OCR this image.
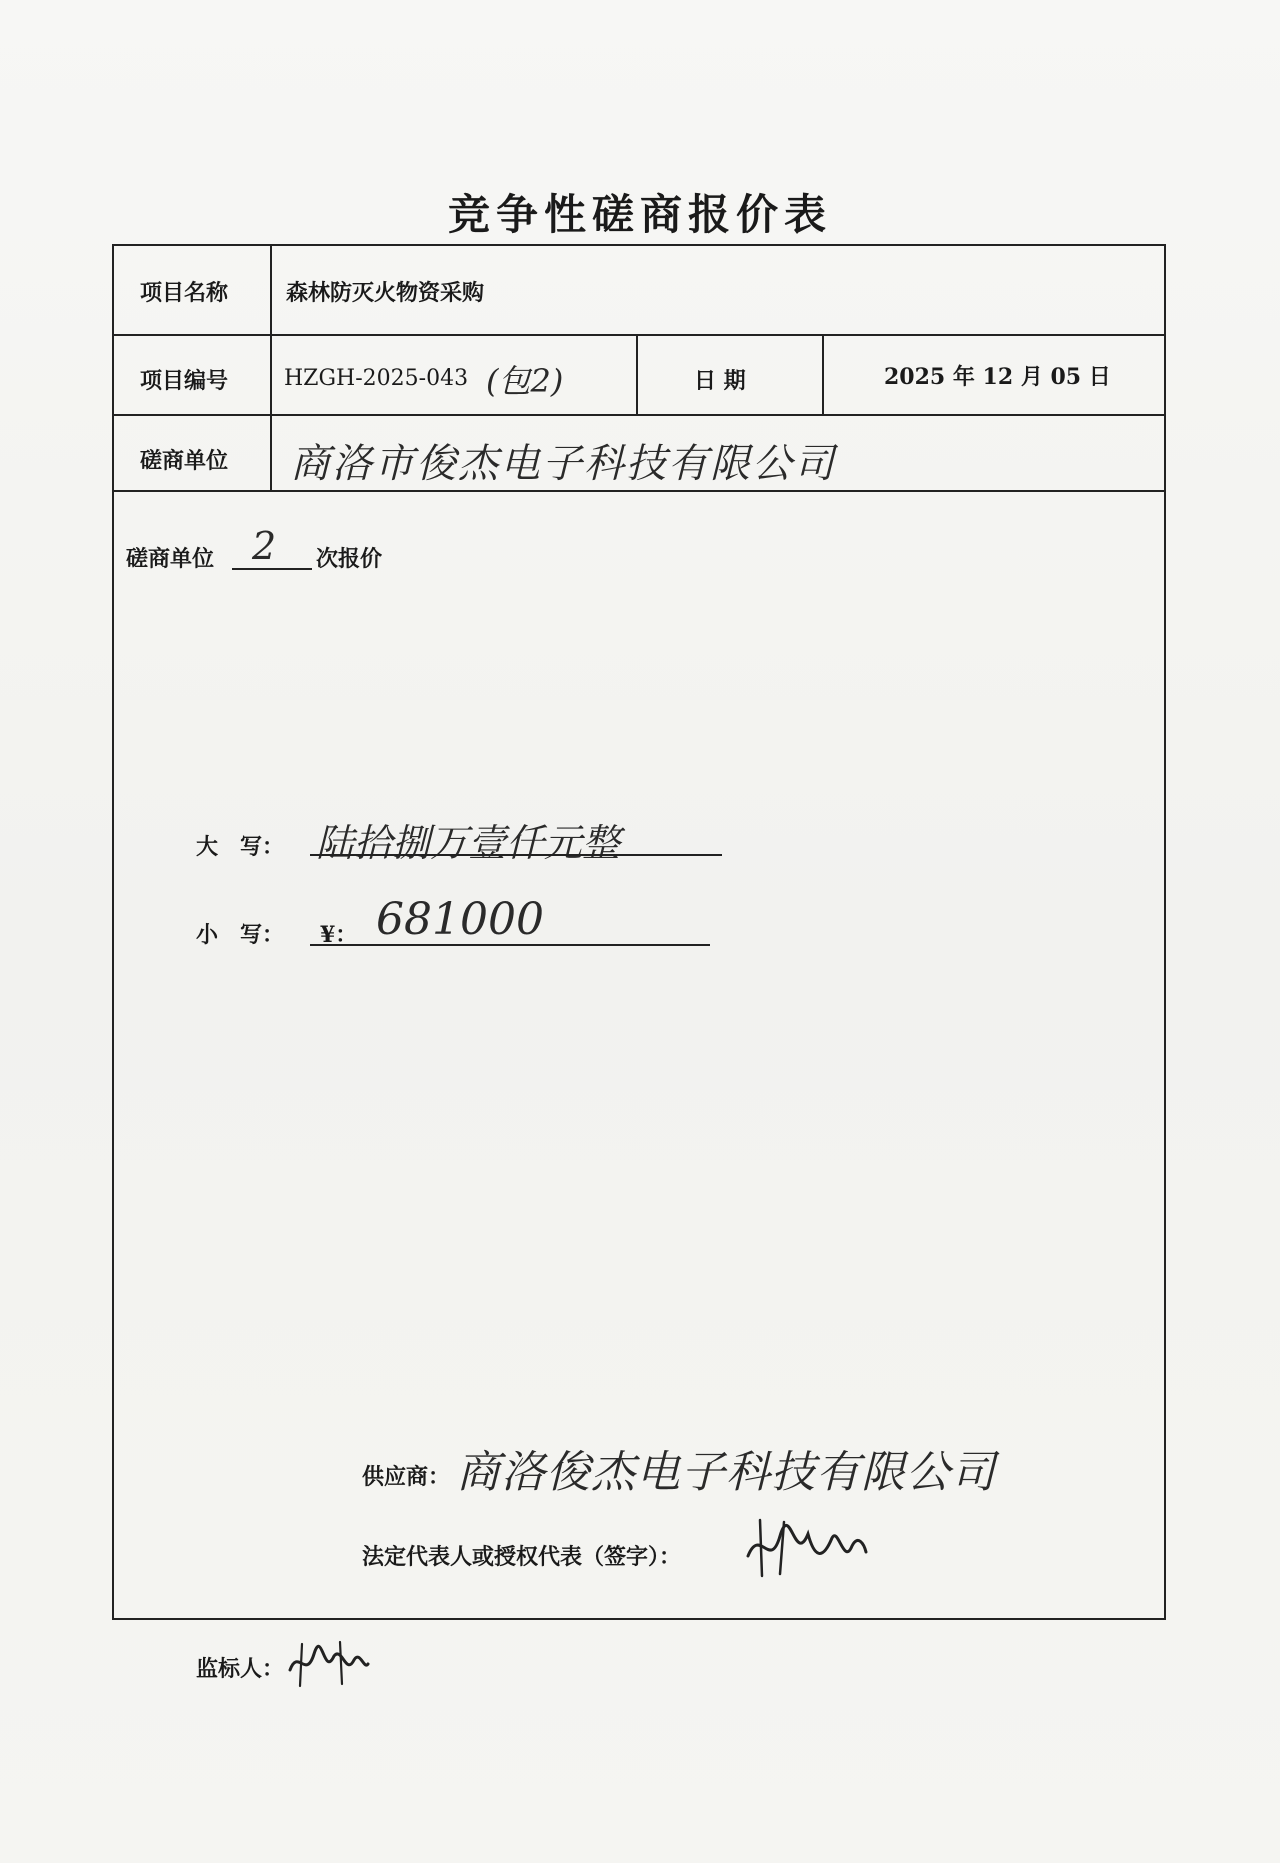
竞争性磋商报价表
项目名称	森林防灭火物资采购
项目编号	HZGH-2025-043 (包2)	日 期	2025 年 12 月 05 日
磋商单位 商洛市俊杰电子科技有限公司
磋商单位 2 次报价
大　写： 陆拾捌万壹仟元整
小　写： ¥： 681000
供应商： 商洛俊杰电子科技有限公司
法定代表人或授权代表（签字）：
监标人：
